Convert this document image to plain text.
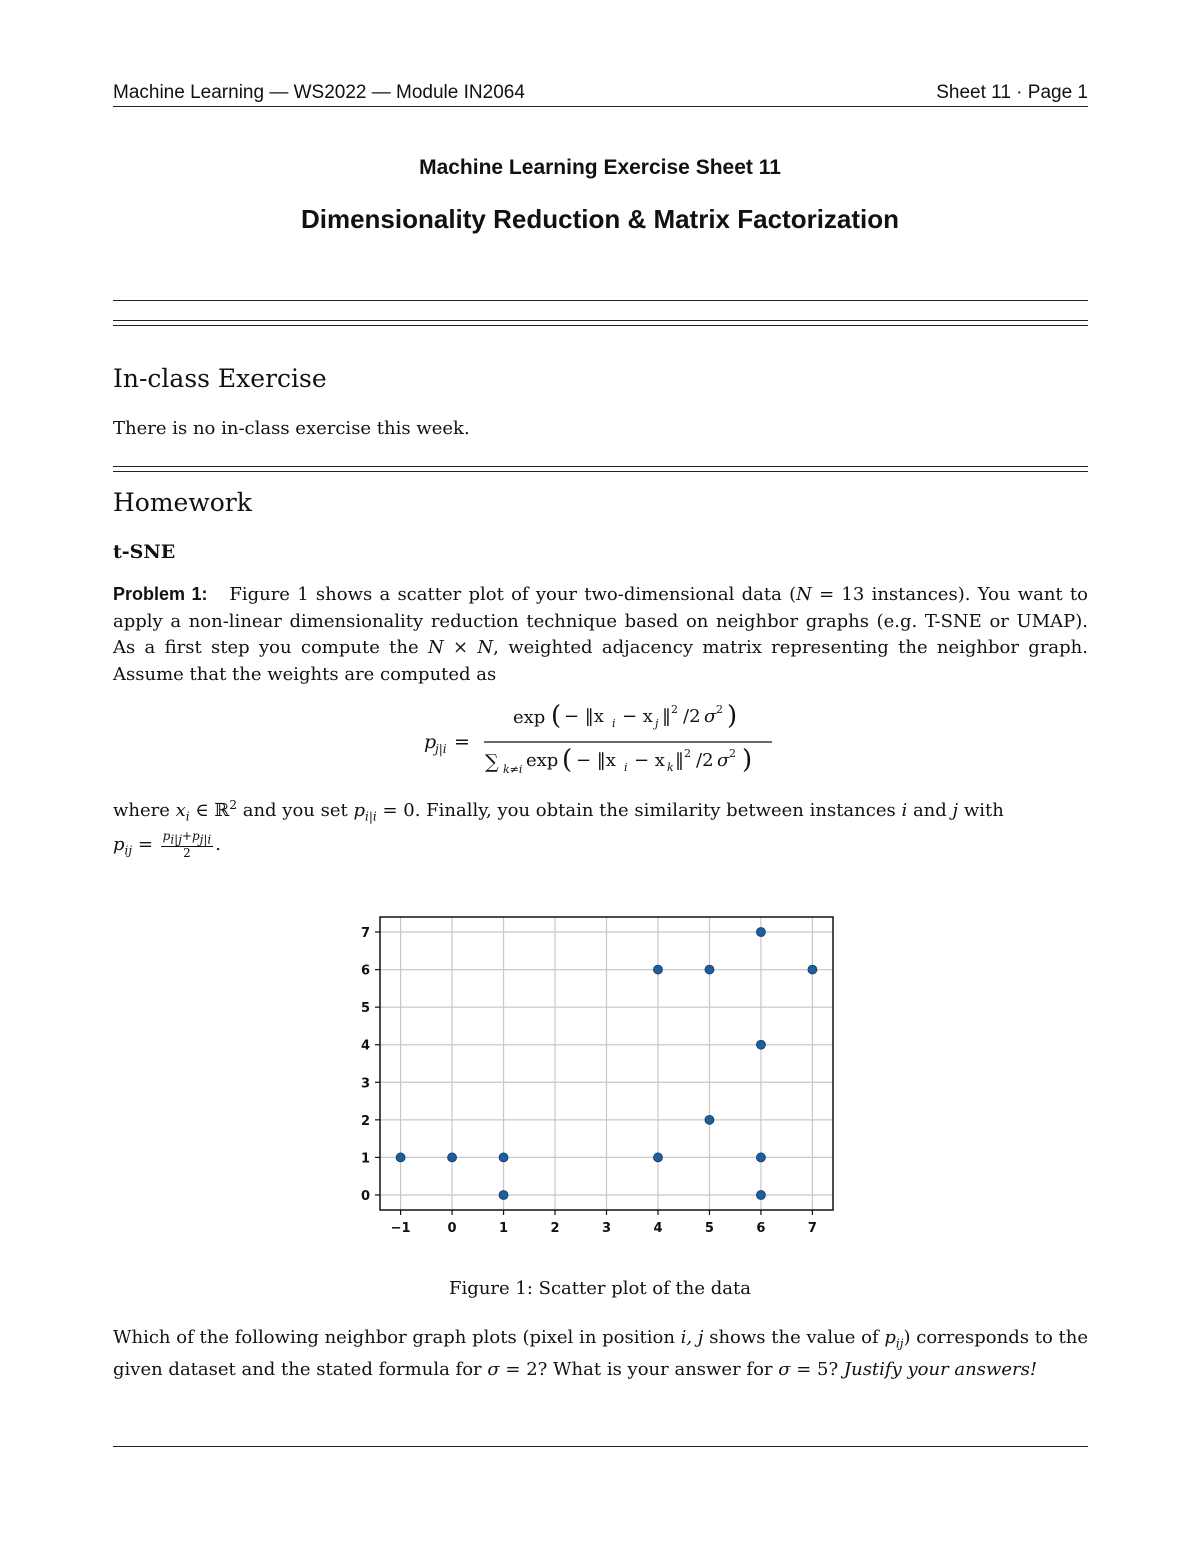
Machine Learning — WS2022 — Module IN2064	Sheet 11 · Page 1
Machine Learning Exercise Sheet 11
Dimensionality Reduction & Matrix Factorization
In-class Exercise
There is no in-class exercise this week.
Homework
t-SNE
Problem 1: Figure 1 shows a scatter plot of your two-dimensional data (N = 13 instances). You want to apply a non-linear dimensionality reduction technique based on neighbor graphs (e.g. T-SNE or UMAP). As a first step you compute the N × N, weighted adjacency matrix representing the neighbor graph. Assume that the weights are computed as
p
j|i =
exp ( − ‖x i − x j ‖ 2 /2 σ 2 )
∑ k≠i exp ( − ‖x i − x k ‖ 2 /2 σ 2 )
where $x_i$ ∈ ℝ$^2$ and you set $p_{i|i} = 0$. Finally, you obtain the similarity between instances i and j with
$p_{ij} = \frac{p_{i|j}+p_{j|i}}{2}$ .
−1	0	1	2	3	4	5	6	7
0
1
2
3
4
5
6
7
Figure 1: Scatter plot of the data
Which of the following neighbor graph plots (pixel in position i, j shows the value of $p_{ij}$) corresponds to the given dataset and the stated formula for σ = 2? What is your answer for σ = 5? Justify your answers!
